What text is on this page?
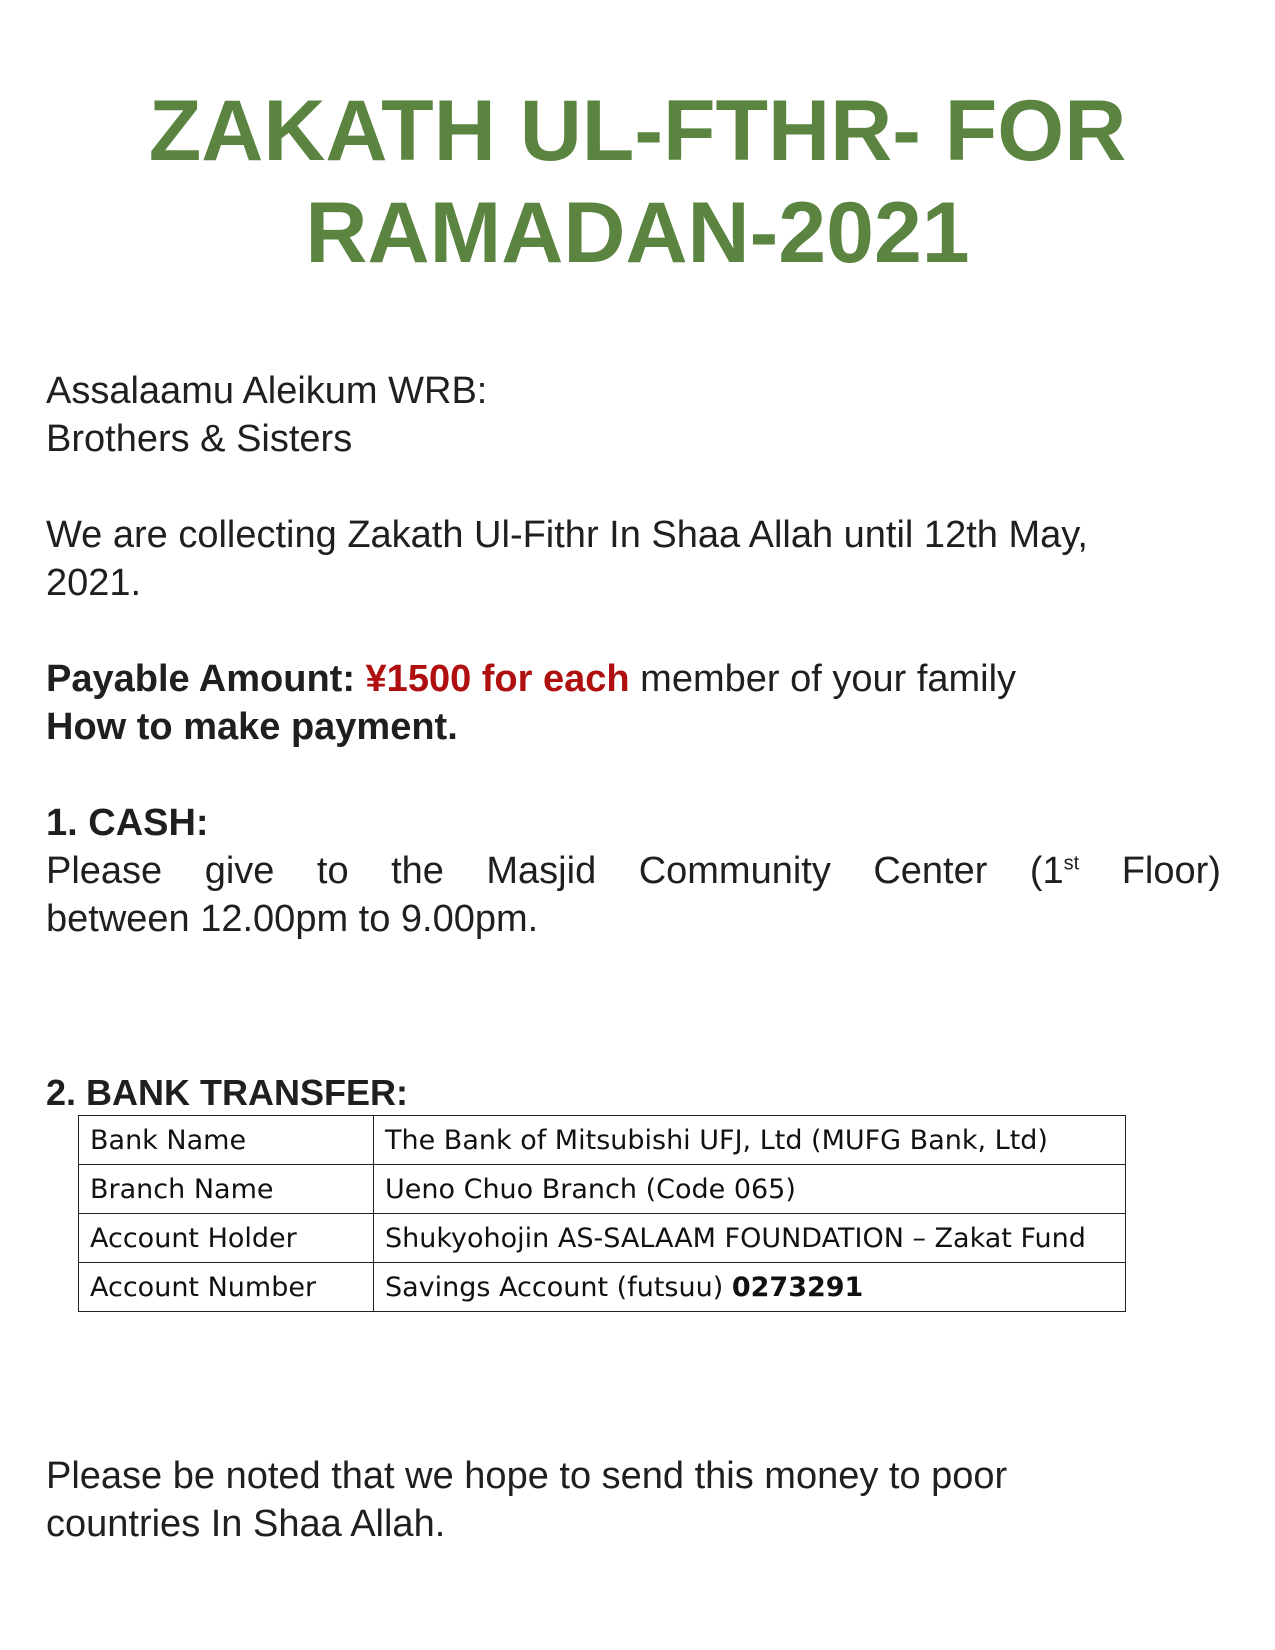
ZAKATH UL-FTHR- FOR
RAMADAN-2021

Assalaamu Aleikum WRB:
Brothers & Sisters

We are collecting Zakath Ul-Fithr In Shaa Allah until 12th May,
2021.

Payable Amount: ¥1500 for each member of your family
How to make payment.

1. CASH:

Please give to the Masjid Community Center (1st Floor)
between 12.00pm to 9.00pm.

2. BANK TRANSFER:

Bank Name	The Bank of Mitsubishi UFJ, Ltd (MUFG Bank, Ltd)
Branch Name	Ueno Chuo Branch (Code 065)
Account Holder	Shukyohojin AS-SALAAM FOUNDATION – Zakat Fund
Account Number	Savings Account (futsuu) 0273291

Please be noted that we hope to send this money to poor
countries In Shaa Allah.
